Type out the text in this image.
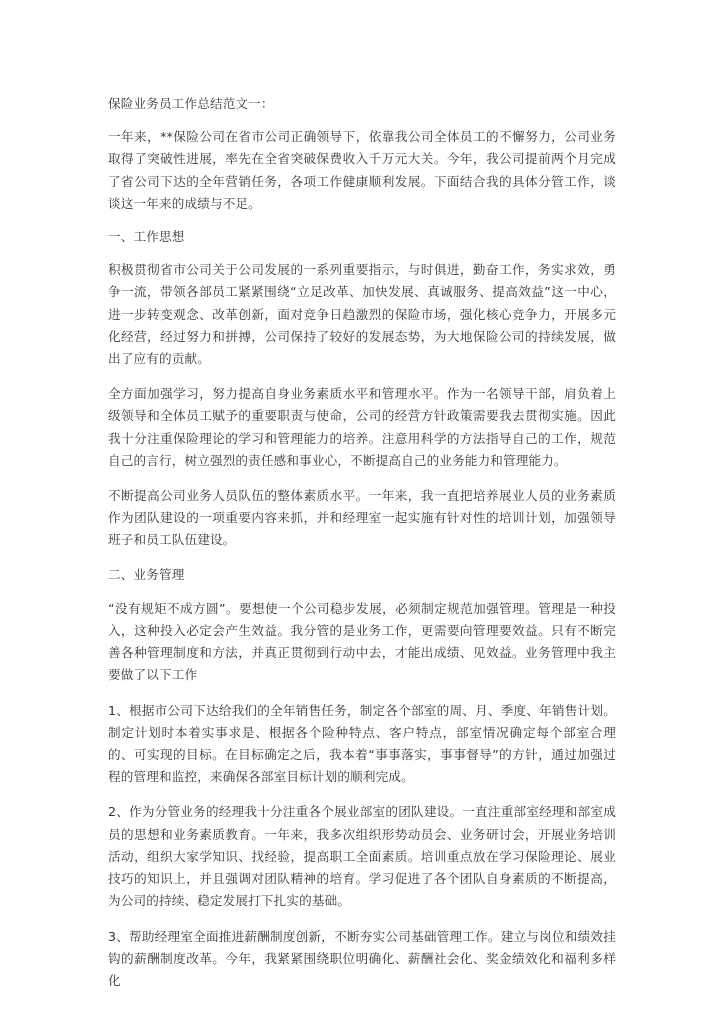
保险业务员工作总结范文一：

一年来，**保险公司在省市公司正确领导下，依靠我公司全体员工的不懈努力，公司业务取得了突破性进展，率先在全省突破保费收入千万元大关。今年，我公司提前两个月完成了省公司下达的全年营销任务，各项工作健康顺利发展。下面结合我的具体分管工作，谈谈这一年来的成绩与不足。

一、工作思想

积极贯彻省市公司关于公司发展的一系列重要指示，与时俱进，勤奋工作，务实求效，勇争一流，带领各部员工紧紧围绕“立足改革、加快发展、真诚服务、提高效益”这一中心，进一步转变观念、改革创新，面对竞争日趋激烈的保险市场，强化核心竞争力，开展多元化经营，经过努力和拼搏，公司保持了较好的发展态势，为大地保险公司的持续发展，做出了应有的贡献。

全方面加强学习，努力提高自身业务素质水平和管理水平。作为一名领导干部，肩负着上级领导和全体员工赋予的重要职责与使命，公司的经营方针政策需要我去贯彻实施。因此我十分注重保险理论的学习和管理能力的培养。注意用科学的方法指导自己的工作，规范自己的言行，树立强烈的责任感和事业心，不断提高自己的业务能力和管理能力。

不断提高公司业务人员队伍的整体素质水平。一年来，我一直把培养展业人员的业务素质作为团队建设的一项重要内容来抓，并和经理室一起实施有针对性的培训计划，加强领导班子和员工队伍建设。

二、业务管理

“没有规矩不成方圆”。要想使一个公司稳步发展，必须制定规范加强管理。管理是一种投入，这种投入必定会产生效益。我分管的是业务工作，更需要向管理要效益。只有不断完善各种管理制度和方法，并真正贯彻到行动中去，才能出成绩、见效益。业务管理中我主要做了以下工作

1、根据市公司下达给我们的全年销售任务，制定各个部室的周、月、季度、年销售计划。制定计划时本着实事求是、根据各个险种特点、客户特点，部室情况确定每个部室合理的、可实现的目标。在目标确定之后，我本着“事事落实，事事督导”的方针，通过加强过程的管理和监控，来确保各部室目标计划的顺利完成。

2、作为分管业务的经理我十分注重各个展业部室的团队建设。一直注重部室经理和部室成员的思想和业务素质教育。一年来，我多次组织形势动员会、业务研讨会，开展业务培训活动，组织大家学知识、找经验，提高职工全面素质。培训重点放在学习保险理论、展业技巧的知识上，并且强调对团队精神的培育。学习促进了各个团队自身素质的不断提高，为公司的持续、稳定发展打下扎实的基础。

3、帮助经理室全面推进薪酬制度创新，不断夯实公司基础管理工作。建立与岗位和绩效挂钩的薪酬制度改革。今年，我紧紧围绕职位明确化、薪酬社会化、奖金绩效化和福利多样化
